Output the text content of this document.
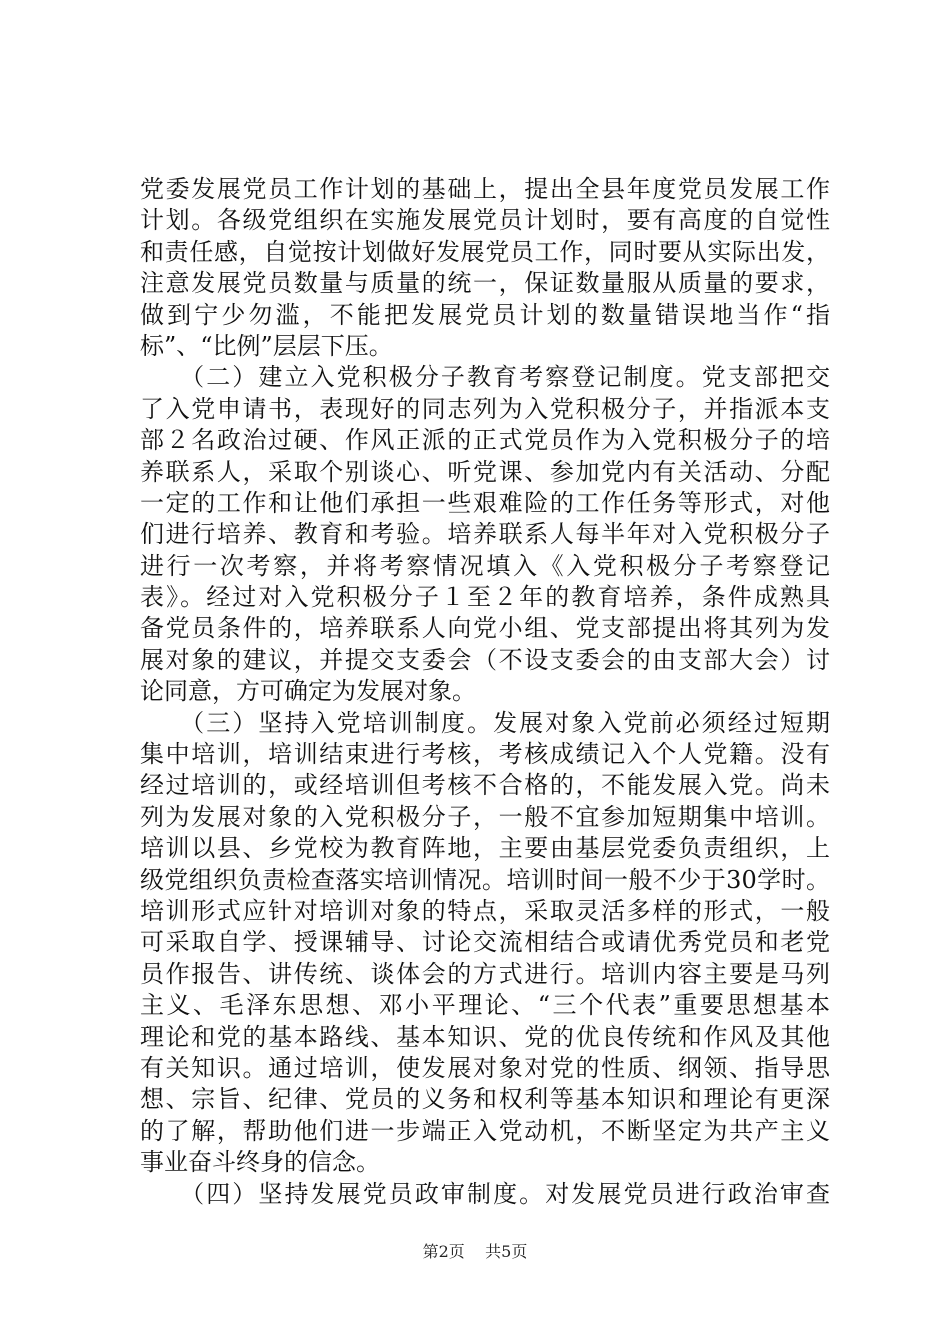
党委发展党员工作计划的基础上，提出全县年度党员发展工作
计划。各级党组织在实施发展党员计划时，要有高度的自觉性
和责任感，自觉按计划做好发展党员工作，同时要从实际出发，
注意发展党员数量与质量的统一，保证数量服从质量的要求，
做到宁少勿滥，不能把发展党员计划的数量错误地当作“指
标”、“比例”层层下压。
　　（二）建立入党积极分子教育考察登记制度。党支部把交
了入党申请书，表现好的同志列为入党积极分子，并指派本支
部２名政治过硬、作风正派的正式党员作为入党积极分子的培
养联系人，采取个别谈心、听党课、参加党内有关活动、分配
一定的工作和让他们承担一些艰难险的工作任务等形式，对他
们进行培养、教育和考验。培养联系人每半年对入党积极分子
进行一次考察，并将考察情况填入《入党积极分子考察登记
表》。经过对入党积极分子１至２年的教育培养，条件成熟具
备党员条件的，培养联系人向党小组、党支部提出将其列为发
展对象的建议，并提交支委会（不设支委会的由支部大会）讨
论同意，方可确定为发展对象。
　　（三）坚持入党培训制度。发展对象入党前必须经过短期
集中培训，培训结束进行考核，考核成绩记入个人党籍。没有
经过培训的，或经培训但考核不合格的，不能发展入党。尚未
列为发展对象的入党积极分子，一般不宜参加短期集中培训。
培训以县、乡党校为教育阵地，主要由基层党委负责组织，上
级党组织负责检查落实培训情况。培训时间一般不少于30学时。
培训形式应针对培训对象的特点，采取灵活多样的形式，一般
可采取自学、授课辅导、讨论交流相结合或请优秀党员和老党
员作报告、讲传统、谈体会的方式进行。培训内容主要是马列
主义、毛泽东思想、邓小平理论、“三个代表”重要思想基本
理论和党的基本路线、基本知识、党的优良传统和作风及其他
有关知识。通过培训，使发展对象对党的性质、纲领、指导思
想、宗旨、纪律、党员的义务和权利等基本知识和理论有更深
的了解，帮助他们进一步端正入党动机，不断坚定为共产主义
事业奋斗终身的信念。
　　（四）坚持发展党员政审制度。对发展党员进行政治审查
第2页 共5页
